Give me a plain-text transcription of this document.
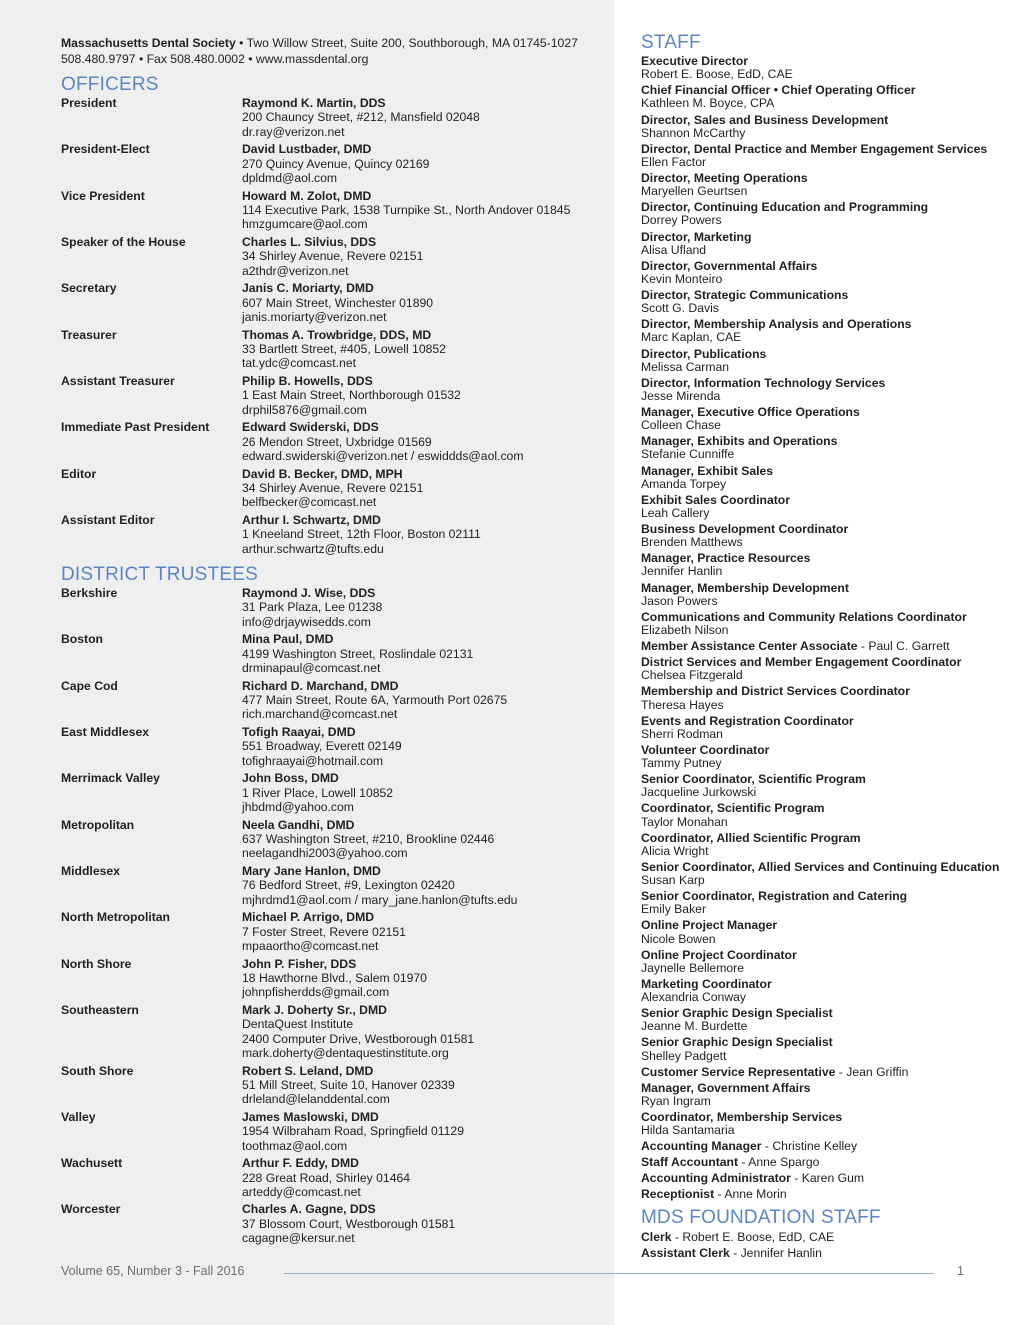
Massachusetts Dental Society • Two Willow Street, Suite 200, Southborough, MA 01745-1027
508.480.9797 • Fax 508.480.0002 • www.massdental.org
OFFICERS
President	Raymond K. Martin, DDS
200 Chauncy Street, #212, Mansfield 02048
dr.ray@verizon.net
President-Elect	David Lustbader, DMD
270 Quincy Avenue, Quincy 02169
dpldmd@aol.com
Vice President	Howard M. Zolot, DMD
114 Executive Park, 1538 Turnpike St., North Andover 01845
hmzgumcare@aol.com
Speaker of the House	Charles L. Silvius, DDS
34 Shirley Avenue, Revere 02151
a2thdr@verizon.net
Secretary	Janis C. Moriarty, DMD
607 Main Street, Winchester 01890
janis.moriarty@verizon.net
Treasurer	Thomas A. Trowbridge, DDS, MD
33 Bartlett Street, #405, Lowell 10852
tat.ydc@comcast.net
Assistant Treasurer	Philip B. Howells, DDS
1 East Main Street, Northborough 01532
drphil5876@gmail.com
Immediate Past President	Edward Swiderski, DDS
26 Mendon Street, Uxbridge 01569
edward.swiderski@verizon.net / eswiddds@aol.com
Editor	David B. Becker, DMD, MPH
34 Shirley Avenue, Revere 02151
belfbecker@comcast.net
Assistant Editor	Arthur I. Schwartz, DMD
1 Kneeland Street, 12th Floor, Boston 02111
arthur.schwartz@tufts.edu
DISTRICT TRUSTEES
Berkshire	Raymond J. Wise, DDS
31 Park Plaza, Lee 01238
info@drjaywisedds.com
Boston	Mina Paul, DMD
4199 Washington Street, Roslindale 02131
drminapaul@comcast.net
Cape Cod	Richard D. Marchand, DMD
477 Main Street, Route 6A, Yarmouth Port 02675
rich.marchand@comcast.net
East Middlesex	Tofigh Raayai, DMD
551 Broadway, Everett 02149
tofighraayai@hotmail.com
Merrimack Valley	John Boss, DMD
1 River Place, Lowell 10852
jhbdmd@yahoo.com
Metropolitan	Neela Gandhi, DMD
637 Washington Street, #210, Brookline 02446
neelagandhi2003@yahoo.com
Middlesex	Mary Jane Hanlon, DMD
76 Bedford Street, #9, Lexington 02420
mjhrdmd1@aol.com / mary_jane.hanlon@tufts.edu
North Metropolitan	Michael P. Arrigo, DMD
7 Foster Street, Revere 02151
mpaaortho@comcast.net
North Shore	John P. Fisher, DDS
18 Hawthorne Blvd., Salem 01970
johnpfisherdds@gmail.com
Southeastern	Mark J. Doherty Sr., DMD
DentaQuest Institute
2400 Computer Drive, Westborough 01581
mark.doherty@dentaquestinstitute.org
South Shore	Robert S. Leland, DMD
51 Mill Street, Suite 10, Hanover 02339
drleland@lelanddental.com
Valley	James Maslowski, DMD
1954 Wilbraham Road, Springfield 01129
toothmaz@aol.com
Wachusett	Arthur F. Eddy, DMD
228 Great Road, Shirley 01464
arteddy@comcast.net
Worcester	Charles A. Gagne, DDS
37 Blossom Court, Westborough 01581
cagagne@kersur.net
STAFF
Executive Director
Robert E. Boose, EdD, CAE
Chief Financial Officer • Chief Operating Officer
Kathleen M. Boyce, CPA
Director, Sales and Business Development
Shannon McCarthy
Director, Dental Practice and Member Engagement Services
Ellen Factor
Director, Meeting Operations
Maryellen Geurtsen
Director, Continuing Education and Programming
Dorrey Powers
Director, Marketing
Alisa Ufland
Director, Governmental Affairs
Kevin Monteiro
Director, Strategic Communications
Scott G. Davis
Director, Membership Analysis and Operations
Marc Kaplan, CAE
Director, Publications
Melissa Carman
Director, Information Technology Services
Jesse Mirenda
Manager, Executive Office Operations
Colleen Chase
Manager, Exhibits and Operations
Stefanie Cunniffe
Manager, Exhibit Sales
Amanda Torpey
Exhibit Sales Coordinator
Leah Callery
Business Development Coordinator
Brenden Matthews
Manager, Practice Resources
Jennifer Hanlin
Manager, Membership Development
Jason Powers
Communications and Community Relations Coordinator
Elizabeth Nilson
Member Assistance Center Associate - Paul C. Garrett
District Services and Member Engagement Coordinator
Chelsea Fitzgerald
Membership and District Services Coordinator
Theresa Hayes
Events and Registration Coordinator
Sherri Rodman
Volunteer Coordinator
Tammy Putney
Senior Coordinator, Scientific Program
Jacqueline Jurkowski
Coordinator, Scientific Program
Taylor Monahan
Coordinator, Allied Scientific Program
Alicia Wright
Senior Coordinator, Allied Services and Continuing Education
Susan Karp
Senior Coordinator, Registration and Catering
Emily Baker
Online Project Manager
Nicole Bowen
Online Project Coordinator
Jaynelle Bellemore
Marketing Coordinator
Alexandria Conway
Senior Graphic Design Specialist
Jeanne M. Burdette
Senior Graphic Design Specialist
Shelley Padgett
Customer Service Representative - Jean Griffin
Manager, Government Affairs
Ryan Ingram
Coordinator, Membership Services
Hilda Santamaria
Accounting Manager - Christine Kelley
Staff Accountant - Anne Spargo
Accounting Administrator - Karen Gum
Receptionist - Anne Morin
MDS FOUNDATION STAFF
Clerk - Robert E. Boose, EdD, CAE
Assistant Clerk - Jennifer Hanlin
Volume 65, Number 3 - Fall 2016	1
